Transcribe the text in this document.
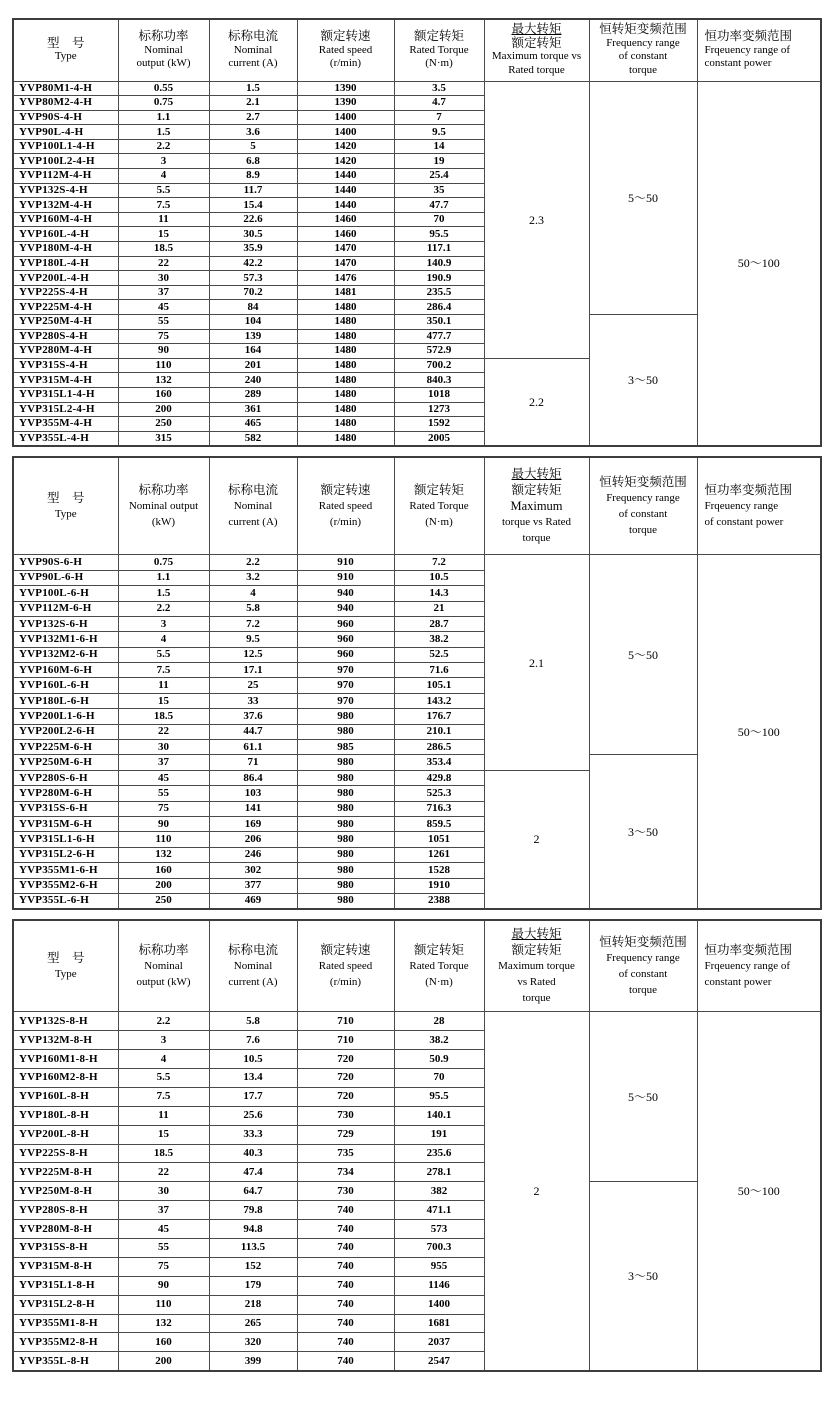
型　号
Type

标称功率
Nominal
output (kW)

标称电流
Nominal
current (A)

额定转速
Rated speed
(r/min)

额定转矩
Rated Torque
(N·m)

最大转矩
额定转矩
Maximum torque vs
Rated torque

恒转矩变频范围
Frequency range
of constant
torque

恒功率变频范围
Frqeuency range of
constant power

YVP80M1-4-H	0.55	1.5	1390	3.5	2.3	5～50	50～100
YVP80M2-4-H	0.75	2.1	1390	4.7			
YVP90S-4-H	1.1	2.7	1400	7			
YVP90L-4-H	1.5	3.6	1400	9.5			
YVP100L1-4-H	2.2	5	1420	14			
YVP100L2-4-H	3	6.8	1420	19			
YVP112M-4-H	4	8.9	1440	25.4			
YVP132S-4-H	5.5	11.7	1440	35			
YVP132M-4-H	7.5	15.4	1440	47.7			
YVP160M-4-H	11	22.6	1460	70			
YVP160L-4-H	15	30.5	1460	95.5			
YVP180M-4-H	18.5	35.9	1470	117.1			
YVP180L-4-H	22	42.2	1470	140.9			
YVP200L-4-H	30	57.3	1476	190.9			
YVP225S-4-H	37	70.2	1481	235.5			
YVP225M-4-H	45	84	1480	286.4			
YVP250M-4-H	55	104	1480	350.1		3～50	
YVP280S-4-H	75	139	1480	477.7			
YVP280M-4-H	90	164	1480	572.9			
YVP315S-4-H	110	201	1480	700.2	2.2		
YVP315M-4-H	132	240	1480	840.3			
YVP315L1-4-H	160	289	1480	1018			
YVP315L2-4-H	200	361	1480	1273			
YVP355M-4-H	250	465	1480	1592			
YVP355L-4-H	315	582	1480	2005			
型　号
Type

标称功率
Nominal output
(kW)

标称电流
Nominal
current (A)

额定转速
Rated speed
(r/min)

额定转矩
Rated Torque
(N·m)

最大转矩
额定转矩 Maximum
torque vs Rated
torque

恒转矩变频范围
Frequency range
of constant
torque

恒功率变频范围
Frqeuency range
of constant power

YVP90S-6-H	0.75	2.2	910	7.2	2.1	5～50	50～100
YVP90L-6-H	1.1	3.2	910	10.5			
YVP100L-6-H	1.5	4	940	14.3			
YVP112M-6-H	2.2	5.8	940	21			
YVP132S-6-H	3	7.2	960	28.7			
YVP132M1-6-H	4	9.5	960	38.2			
YVP132M2-6-H	5.5	12.5	960	52.5			
YVP160M-6-H	7.5	17.1	970	71.6			
YVP160L-6-H	11	25	970	105.1			
YVP180L-6-H	15	33	970	143.2			
YVP200L1-6-H	18.5	37.6	980	176.7			
YVP200L2-6-H	22	44.7	980	210.1			
YVP225M-6-H	30	61.1	985	286.5			
YVP250M-6-H	37	71	980	353.4		3～50	
YVP280S-6-H	45	86.4	980	429.8	2		
YVP280M-6-H	55	103	980	525.3			
YVP315S-6-H	75	141	980	716.3			
YVP315M-6-H	90	169	980	859.5			
YVP315L1-6-H	110	206	980	1051			
YVP315L2-6-H	132	246	980	1261			
YVP355M1-6-H	160	302	980	1528			
YVP355M2-6-H	200	377	980	1910			
YVP355L-6-H	250	469	980	2388			
型　号
Type

标称功率
Nominal
output (kW)

标称电流
Nominal
current (A)

额定转速
Rated speed
(r/min)

额定转矩
Rated Torque
(N·m)

最大转矩
额定转矩
Maximum torque
vs Rated
torque

恒转矩变频范围
Frequency range
of constant
torque

恒功率变频范围
Frqeuency range of
constant power

YVP132S-8-H	2.2	5.8	710	28	2	5～50	50～100
YVP132M-8-H	3	7.6	710	38.2			
YVP160M1-8-H	4	10.5	720	50.9			
YVP160M2-8-H	5.5	13.4	720	70			
YVP160L-8-H	7.5	17.7	720	95.5			
YVP180L-8-H	11	25.6	730	140.1			
YVP200L-8-H	15	33.3	729	191			
YVP225S-8-H	18.5	40.3	735	235.6			
YVP225M-8-H	22	47.4	734	278.1			
YVP250M-8-H	30	64.7	730	382		3～50	
YVP280S-8-H	37	79.8	740	471.1			
YVP280M-8-H	45	94.8	740	573			
YVP315S-8-H	55	113.5	740	700.3			
YVP315M-8-H	75	152	740	955			
YVP315L1-8-H	90	179	740	1146			
YVP315L2-8-H	110	218	740	1400			
YVP355M1-8-H	132	265	740	1681			
YVP355M2-8-H	160	320	740	2037			
YVP355L-8-H	200	399	740	2547			
